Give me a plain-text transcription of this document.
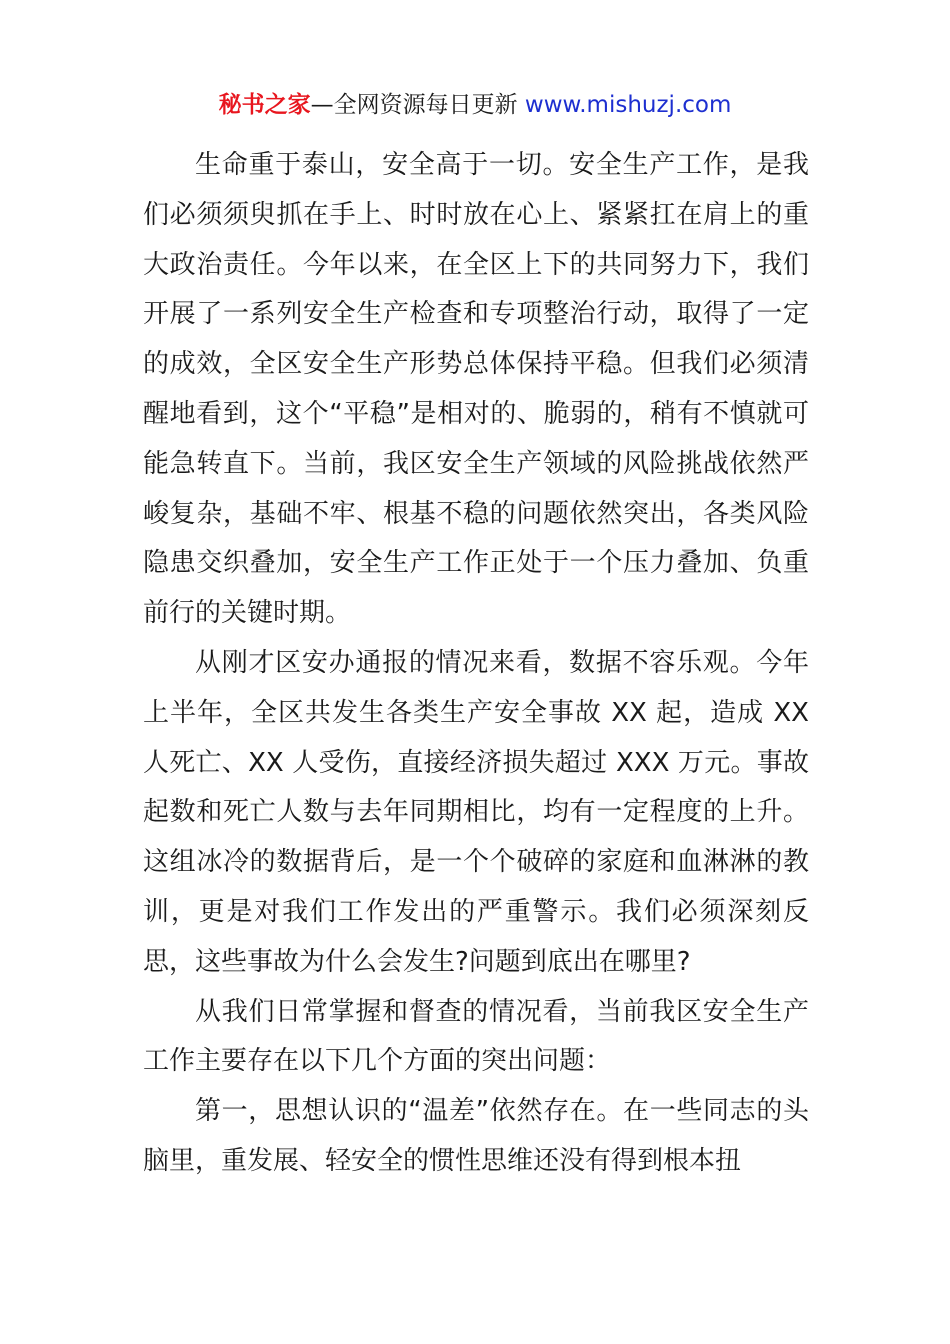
秘书之家—全网资源每日更新 www.mishuzj.com

生命重于泰山，安全高于一切。安全生产工作，是我们必须须臾抓在手上、时时放在心上、紧紧扛在肩上的重大政治责任。今年以来，在全区上下的共同努力下，我们开展了一系列安全生产检查和专项整治行动，取得了一定的成效，全区安全生产形势总体保持平稳。但我们必须清醒地看到，这个“平稳”是相对的、脆弱的，稍有不慎就可能急转直下。当前，我区安全生产领域的风险挑战依然严峻复杂，基础不牢、根基不稳的问题依然突出，各类风险隐患交织叠加，安全生产工作正处于一个压力叠加、负重前行的关键时期。

从刚才区安办通报的情况来看，数据不容乐观。今年上半年，全区共发生各类生产安全事故 XX 起，造成 XX 人死亡、XX 人受伤，直接经济损失超过 XXX 万元。事故起数和死亡人数与去年同期相比，均有一定程度的上升。这组冰冷的数据背后，是一个个破碎的家庭和血淋淋的教训，更是对我们工作发出的严重警示。我们必须深刻反思，这些事故为什么会发生?问题到底出在哪里?

从我们日常掌握和督查的情况看，当前我区安全生产工作主要存在以下几个方面的突出问题：

第一，思想认识的“温差”依然存在。在一些同志的头脑里，重发展、轻安全的惯性思维还没有得到根本扭
